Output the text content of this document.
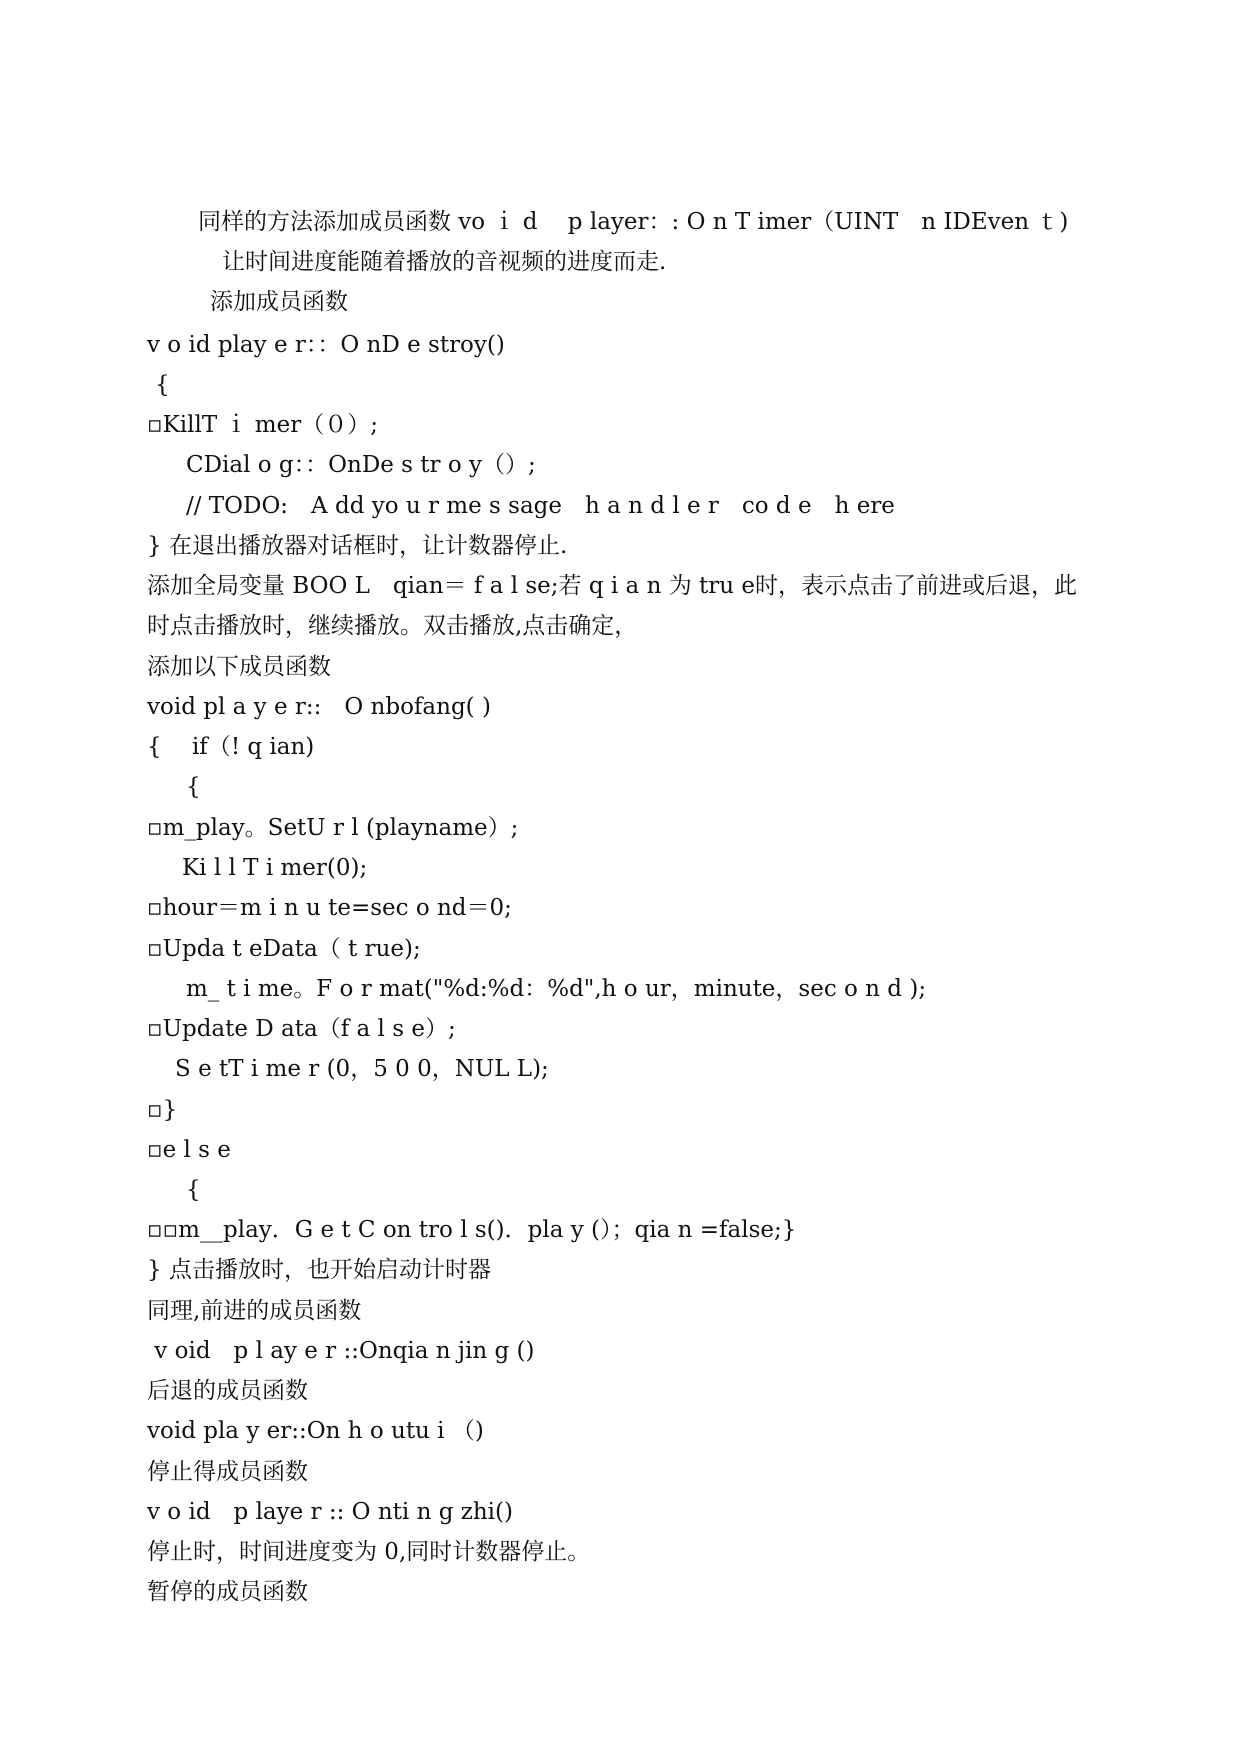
同样的方法添加成员函数 vo ｉ d　 p layer：: O n T imer（UINT　n IDEven ｔ)

让时间进度能随着播放的音视频的进度而走.

添加成员函数

v o id play e r：：O nD e stroy()

{

▫KillT ｉ mer（０）;

CDial o g：：OnDe s tr o y（）;

// TODO:　A dd yo u r me s sage　h a n d l e r　co d e　h ere

} 在退出播放器对话框时，让计数器停止.

添加全局变量 BOO L　qian＝ f a l se;若 q i a n 为 tru e时，表示点击了前进或后退，此

时点击播放时，继续播放。双击播放,点击确定，

添加以下成员函数

void pl a y e r::　O nbofang( )

{　 if（! q ian)

{

▫m_play。SetU r l (playname）;

Ki l l T i mer(0);

▫hour＝m i n u te=sec o nd＝0;

▫Upda t eData（ t rue);

m_ t i me。F o r mat("%d:%d：%d",h o ur，minute，sec o n d );

▫Update D ata（f a l s e）;

S e tT i me r (0，5 0 0，NUL L);

▫}

▫e l s e

{

▫▫m__play．G e t C on tro l s()．pla y (）；qia n =false;}

} 点击播放时，也开始启动计时器

同理,前进的成员函数

v oid　p l ay e r ::Onqia n jin g ()

后退的成员函数

void pla y er::On h o utu i （)

停止得成员函数

v o id　p laye r :: O nti n g zhi()

停止时，时间进度变为 0,同时计数器停止。

暂停的成员函数
